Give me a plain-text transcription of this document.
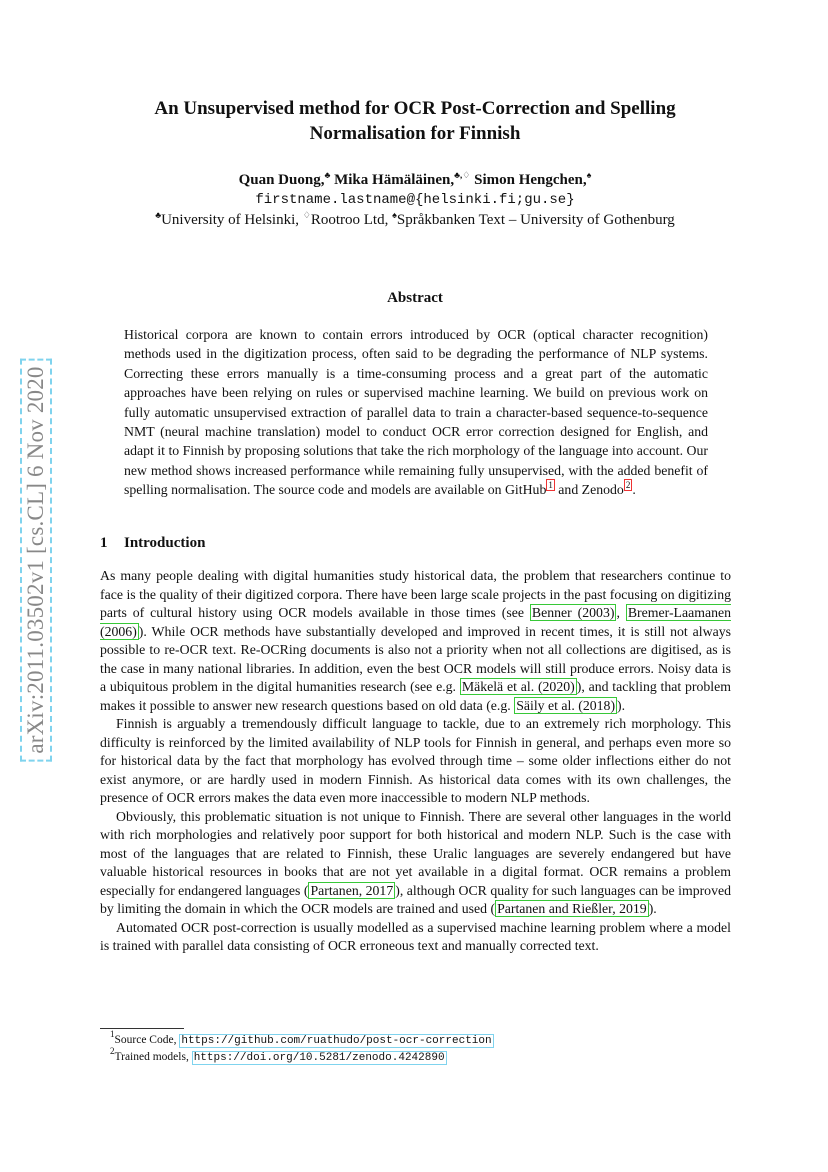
arXiv:2011.03502v1 [cs.CL] 6 Nov 2020
An Unsupervised method for OCR Post-Correction and Spelling
Normalisation for Finnish
Quan Duong,♣ Mika Hämäläinen,♣,♢ Simon Hengchen,♠
firstname.lastname@{helsinki.fi;gu.se}
♣University of Helsinki, ♢Rootroo Ltd, ♠Språkbanken Text – University of Gothenburg
Abstract
Historical corpora are known to contain errors introduced by OCR (optical character recognition) methods used in the digitization process, often said to be degrading the performance of NLP systems. Correcting these errors manually is a time-consuming process and a great part of the automatic approaches have been relying on rules or supervised machine learning. We build on previous work on fully automatic unsupervised extraction of parallel data to train a character-based sequence-to-sequence NMT (neural machine translation) model to conduct OCR error correction designed for English, and adapt it to Finnish by proposing solutions that take the rich morphology of the language into account. Our new method shows increased performance while remaining fully unsupervised, with the added benefit of spelling normalisation. The source code and models are available on GitHub $^1$ and Zenodo $^2$ .
1 Introduction

As many people dealing with digital humanities study historical data, the problem that researchers continue to face is the quality of their digitized corpora. There have been large scale projects in the past focusing on digitizing parts of cultural history using OCR models available in those times (see Benner (2003) , Bremer-Laamanen (2006) ). While OCR methods have substantially developed and improved in recent times, it is still not always possible to re-OCR text. Re-OCRing documents is also not a priority when not all collections are digitised, as is the case in many national libraries. In addition, even the best OCR models will still produce errors. Noisy data is a ubiquitous problem in the digital humanities research (see e.g. Mäkelä et al. (2020) ), and tackling that problem makes it possible to answer new research questions based on old data (e.g. Säily et al. (2018) ).

Finnish is arguably a tremendously difficult language to tackle, due to an extremely rich morphology. This difficulty is reinforced by the limited availability of NLP tools for Finnish in general, and perhaps even more so for historical data by the fact that morphology has evolved through time – some older inflections either do not exist anymore, or are hardly used in modern Finnish. As historical data comes with its own challenges, the presence of OCR errors makes the data even more inaccessible to modern NLP methods.

Obviously, this problematic situation is not unique to Finnish. There are several other languages in the world with rich morphologies and relatively poor support for both historical and modern NLP. Such is the case with most of the languages that are related to Finnish, these Uralic languages are severely endangered but have valuable historical resources in books that are not yet available in a digital format. OCR remains a problem especially for endangered languages ( Partanen, 2017 ), although OCR quality for such languages can be improved by limiting the domain in which the OCR models are trained and used ( Partanen and Rießler, 2019 ).

Automated OCR post-correction is usually modelled as a supervised machine learning problem where a model is trained with parallel data consisting of OCR erroneous text and manually corrected text.

$^1$Source Code, https://github.com/ruathudo/post-ocr-correction
$^2$Trained models, https://doi.org/10.5281/zenodo.4242890
